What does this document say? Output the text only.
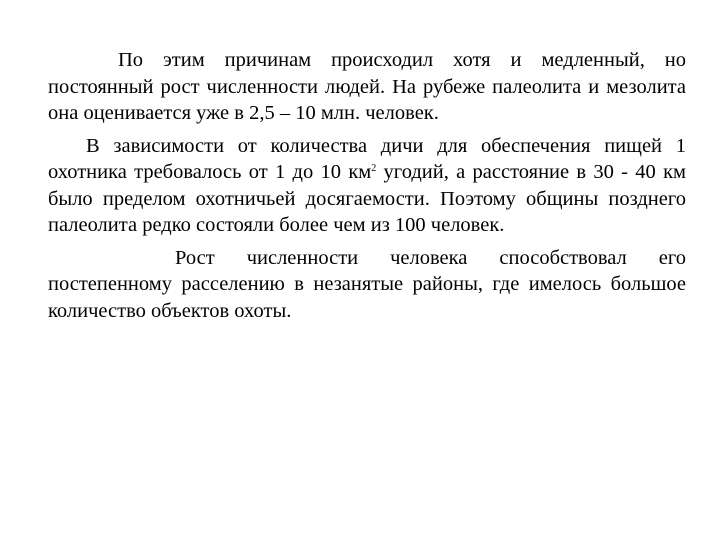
По этим причинам происходил хотя и медленный, но постоянный рост численности людей. На рубеже палеолита и мезолита она оценивается уже в 2,5 – 10 млн. человек.

В зависимости от количества дичи для обеспечения пищей 1 охотника требовалось от 1 до 10 $км^2$ угодий, а расстояние в 30 - 40 км было пределом охотничьей досягаемости. Поэтому общины позднего палеолита редко состояли более чем из 100 человек.

Рост численности человека способствовал его постепенному расселению в незанятые районы, где имелось большое количество объектов охоты.
